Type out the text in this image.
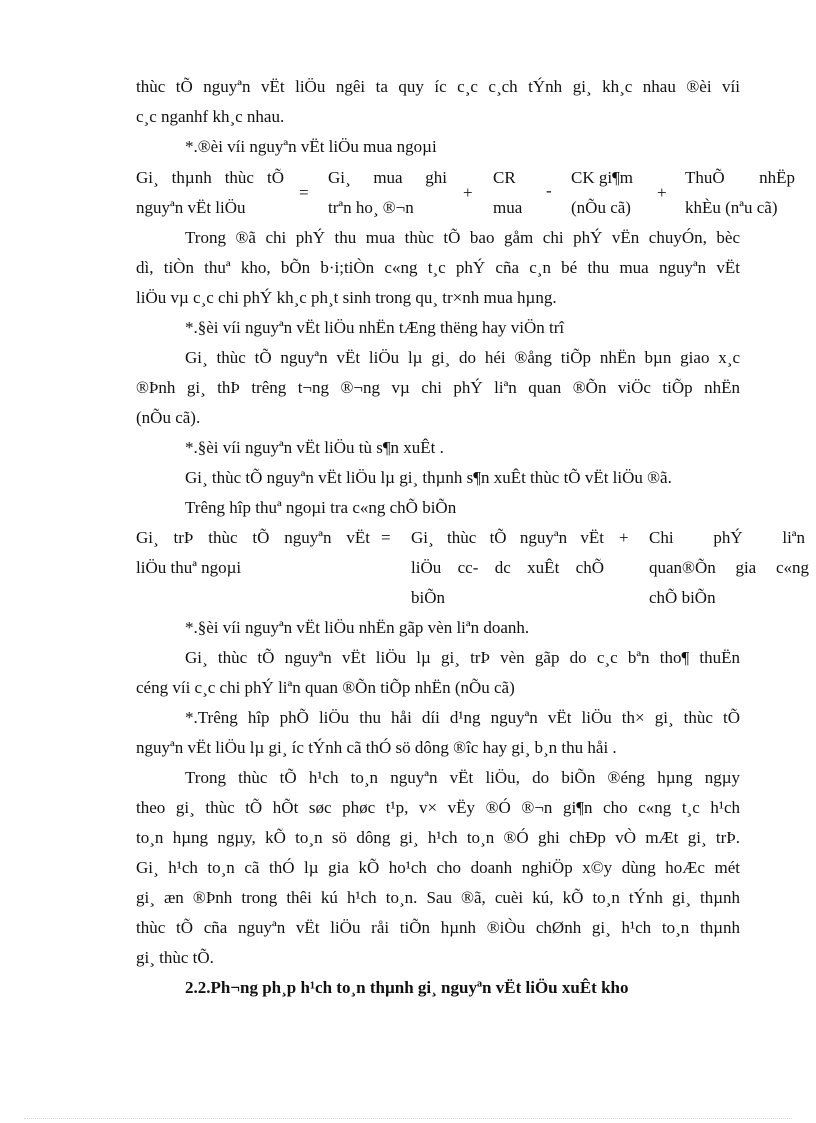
thùc tÕ nguyªn vËt liÖu ngêi ta quy íc c¸c c¸ch tÝnh gi¸ kh¸c nhau ®èi víi
c¸c nganhf kh¸c nhau.
*.®èi víi nguyªn vËt liÖu mua ngoµi
Gi¸ thµnh thùc tÕ
nguyªn vËt liÖu
=
Gi¸ mua ghi
trªn ho¸ ®¬n
+
CR
mua
-
CK gi¶m
(nÕu cã)
+
ThuÕ nhËp
khÈu (nªu cã)
Trong ®ã chi phÝ thu mua thùc tÕ bao gåm chi phÝ vËn chuyÓn, bèc
dì, tiÒn thuª kho, bÕn b·i;tiÒn c«ng t¸c phÝ cña c¸n bé thu mua nguyªn vËt
liÖu vµ c¸c chi phÝ kh¸c ph¸t sinh trong qu¸ tr×nh mua hµng.
*.§èi víi nguyªn vËt liÖu nhËn tÆng thëng hay viÖn trî
Gi¸ thùc tÕ nguyªn vËt liÖu lµ gi¸ do héi ®ång tiÕp nhËn bµn giao x¸c
®Þnh gi¸ thÞ trêng t¬ng ®¬ng vµ chi phÝ liªn quan ®Õn viÖc tiÕp nhËn
(nÕu cã).
*.§èi víi nguyªn vËt liÖu tù s¶n xuÊt .
Gi¸ thùc tÕ nguyªn vËt liÖu lµ gi¸ thµnh s¶n xuÊt thùc tÕ vËt liÖu ®ã.
Trêng hîp thuª ngoµi tra c«ng chÕ biÕn
Gi¸ trÞ thùc tÕ nguyªn vËt
liÖu thuª ngoµi
= Gi¸ thùc tÕ nguyªn vËt
liÖu cc- dc xuÊt chÕ
biÕn
+ Chi phÝ liªn
quan®Õn gia c«ng
chÕ biÕn
*.§èi víi nguyªn vËt liÖu nhËn gãp vèn liªn doanh.
Gi¸ thùc tÕ nguyªn vËt liÖu lµ gi¸ trÞ vèn gãp do c¸c bªn tho¶ thuËn
céng víi c¸c chi phÝ liªn quan ®Õn tiÕp nhËn (nÕu cã)
*.Trêng hîp phÕ liÖu thu håi díi d¹ng nguyªn vËt liÖu th× gi¸ thùc tÕ
nguyªn vËt liÖu lµ gi¸ íc tÝnh cã thÓ sö dông ®îc hay gi¸ b¸n thu håi .
Trong thùc tÕ h¹ch to¸n nguyªn vËt liÖu, do biÕn ®éng hµng ngµy
theo gi¸ thùc tÕ hÕt søc phøc t¹p, v× vËy ®Ó ®¬n gi¶n cho c«ng t¸c h¹ch
to¸n hµng ngµy, kÕ to¸n sö dông gi¸ h¹ch to¸n ®Ó ghi chÐp vÒ mÆt gi¸ trÞ.
Gi¸ h¹ch to¸n cã thÓ lµ gia kÕ ho¹ch cho doanh nghiÖp x©y dùng hoÆc mét
gi¸ æn ®Þnh trong thêi kú h¹ch to¸n. Sau ®ã, cuèi kú, kÕ to¸n tÝnh gi¸ thµnh
thùc tÕ cña nguyªn vËt liÖu råi tiÕn hµnh ®iÒu chØnh gi¸ h¹ch to¸n thµnh
gi¸ thùc tÕ.
2.2.Ph¬ng ph¸p h¹ch to¸n thµnh gi¸ nguyªn vËt liÖu xuÊt kho
